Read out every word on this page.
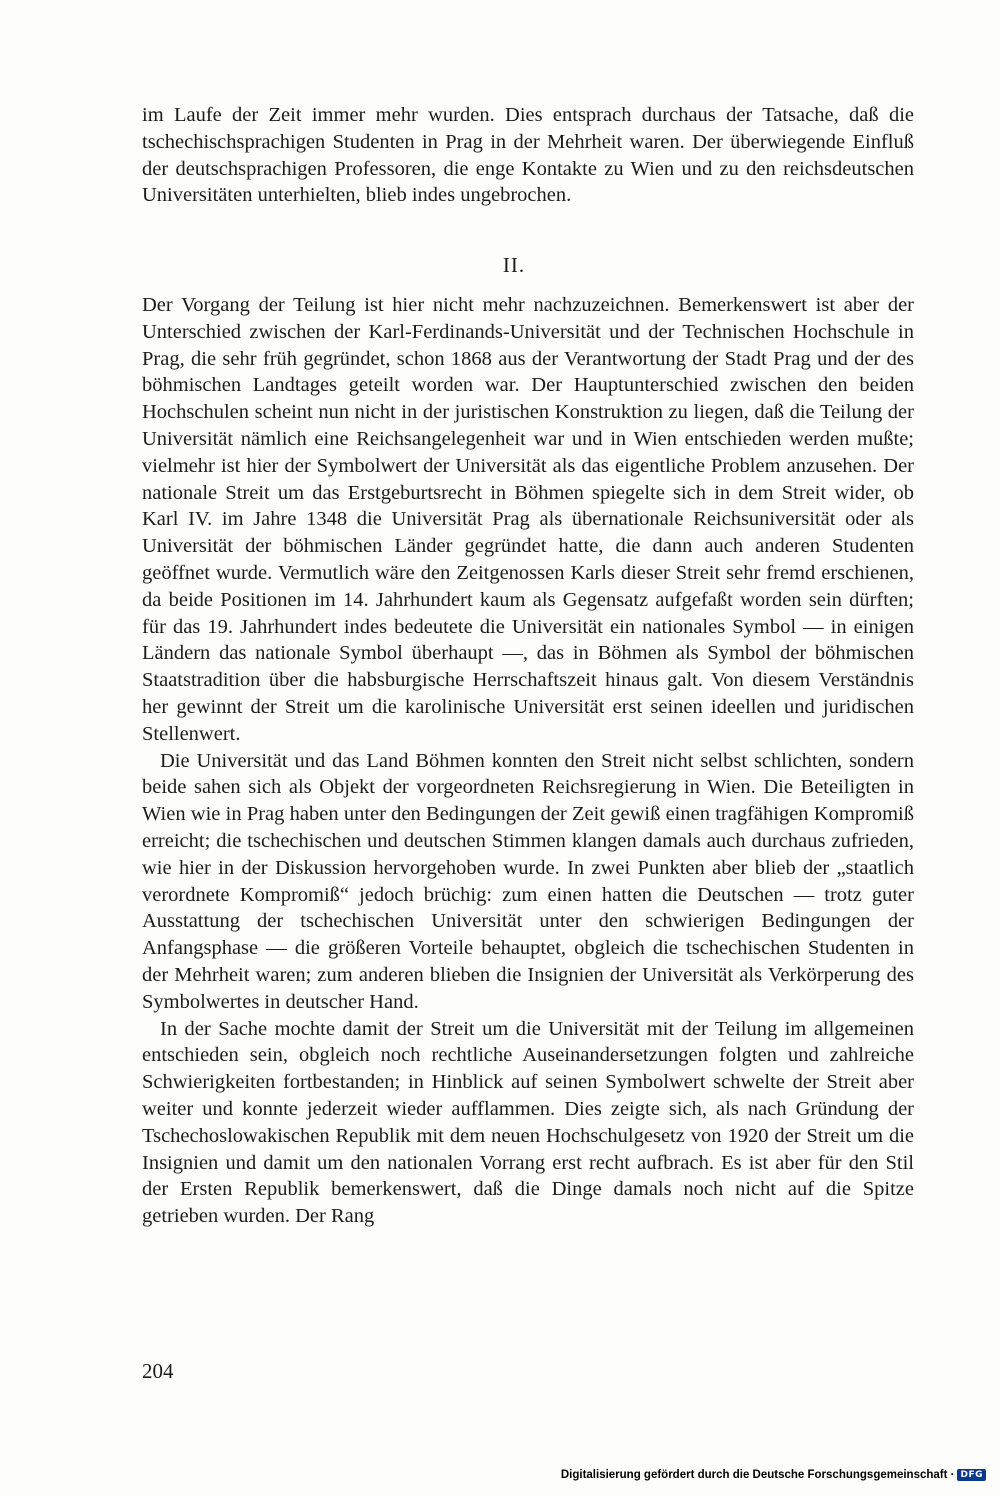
im Laufe der Zeit immer mehr wurden. Dies entsprach durchaus der Tatsache, daß die tschechischsprachigen Studenten in Prag in der Mehrheit waren. Der überwiegende Einfluß der deutschsprachigen Professoren, die enge Kontakte zu Wien und zu den reichsdeutschen Universitäten unterhielten, blieb indes ungebrochen.

II.

Der Vorgang der Teilung ist hier nicht mehr nachzuzeichnen. Bemerkenswert ist aber der Unterschied zwischen der Karl-Ferdinands-Universität und der Technischen Hochschule in Prag, die sehr früh gegründet, schon 1868 aus der Verantwortung der Stadt Prag und der des böhmischen Landtages geteilt worden war. Der Hauptunterschied zwischen den beiden Hochschulen scheint nun nicht in der juristischen Konstruktion zu liegen, daß die Teilung der Universität nämlich eine Reichsangelegenheit war und in Wien entschieden werden mußte; vielmehr ist hier der Symbolwert der Universität als das eigentliche Problem anzusehen. Der nationale Streit um das Erstgeburtsrecht in Böhmen spiegelte sich in dem Streit wider, ob Karl IV. im Jahre 1348 die Universität Prag als übernationale Reichsuniversität oder als Universität der böhmischen Länder gegründet hatte, die dann auch anderen Studenten geöffnet wurde. Vermutlich wäre den Zeitgenossen Karls dieser Streit sehr fremd erschienen, da beide Positionen im 14. Jahrhundert kaum als Gegensatz aufgefaßt worden sein dürften; für das 19. Jahrhundert indes bedeutete die Universität ein nationales Symbol — in einigen Ländern das nationale Symbol überhaupt —, das in Böhmen als Symbol der böhmischen Staatstradition über die habsburgische Herrschaftszeit hinaus galt. Von diesem Verständnis her gewinnt der Streit um die karolinische Universität erst seinen ideellen und juridischen Stellenwert.

Die Universität und das Land Böhmen konnten den Streit nicht selbst schlichten, sondern beide sahen sich als Objekt der vorgeordneten Reichsregierung in Wien. Die Beteiligten in Wien wie in Prag haben unter den Bedingungen der Zeit gewiß einen tragfähigen Kompromiß erreicht; die tschechischen und deutschen Stimmen klangen damals auch durchaus zufrieden, wie hier in der Diskussion hervorgehoben wurde. In zwei Punkten aber blieb der „staatlich verordnete Kompromiß“ jedoch brüchig: zum einen hatten die Deutschen — trotz guter Ausstattung der tschechischen Universität unter den schwierigen Bedingungen der Anfangsphase — die größeren Vorteile behauptet, obgleich die tschechischen Studenten in der Mehrheit waren; zum anderen blieben die Insignien der Universität als Verkörperung des Symbolwertes in deutscher Hand.

In der Sache mochte damit der Streit um die Universität mit der Teilung im allgemeinen entschieden sein, obgleich noch rechtliche Auseinandersetzungen folgten und zahlreiche Schwierigkeiten fortbestanden; in Hinblick auf seinen Symbolwert schwelte der Streit aber weiter und konnte jederzeit wieder aufflammen. Dies zeigte sich, als nach Gründung der Tschechoslowakischen Republik mit dem neuen Hochschulgesetz von 1920 der Streit um die Insignien und damit um den nationalen Vorrang erst recht aufbrach. Es ist aber für den Stil der Ersten Republik bemerkenswert, daß die Dinge damals noch nicht auf die Spitze getrieben wurden. Der Rang

204
Digitalisierung gefördert durch die Deutsche Forschungsgemeinschaft · DFG
